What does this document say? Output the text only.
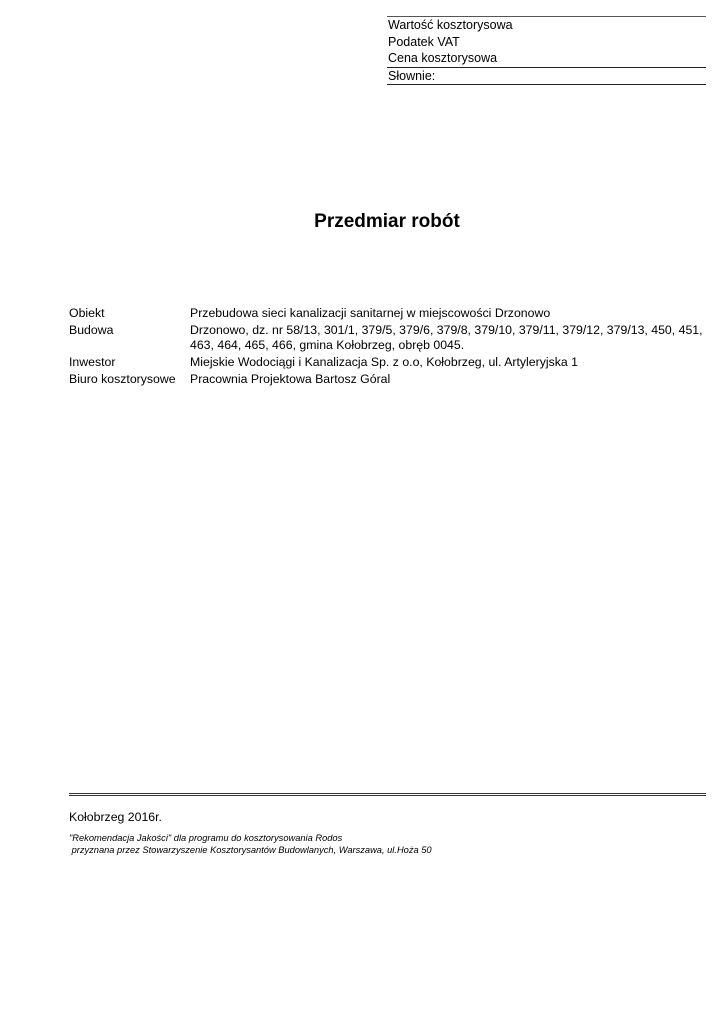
Wartość kosztorysowa
Podatek VAT
Cena kosztorysowa
Słownie:
Przedmiar robót
Obiekt	Przebudowa sieci kanalizacji sanitarnej w miejscowości Drzonowo
Budowa	Drzonowo, dz. nr 58/13, 301/1, 379/5, 379/6, 379/8, 379/10, 379/11, 379/12, 379/13, 450, 451, 463, 464, 465, 466, gmina Kołobrzeg, obręb 0045.
Inwestor	Miejskie Wodociągi i Kanalizacja Sp. z o.o, Kołobrzeg, ul. Artyleryjska 1
Biuro kosztorysowe	Pracownia Projektowa Bartosz Góral
Kołobrzeg 2016r.
"Rekomendacja Jakości" dla programu do kosztorysowania Rodos
przyznana przez Stowarzyszenie Kosztorysantów Budowlanych, Warszawa, ul.Hoża 50
